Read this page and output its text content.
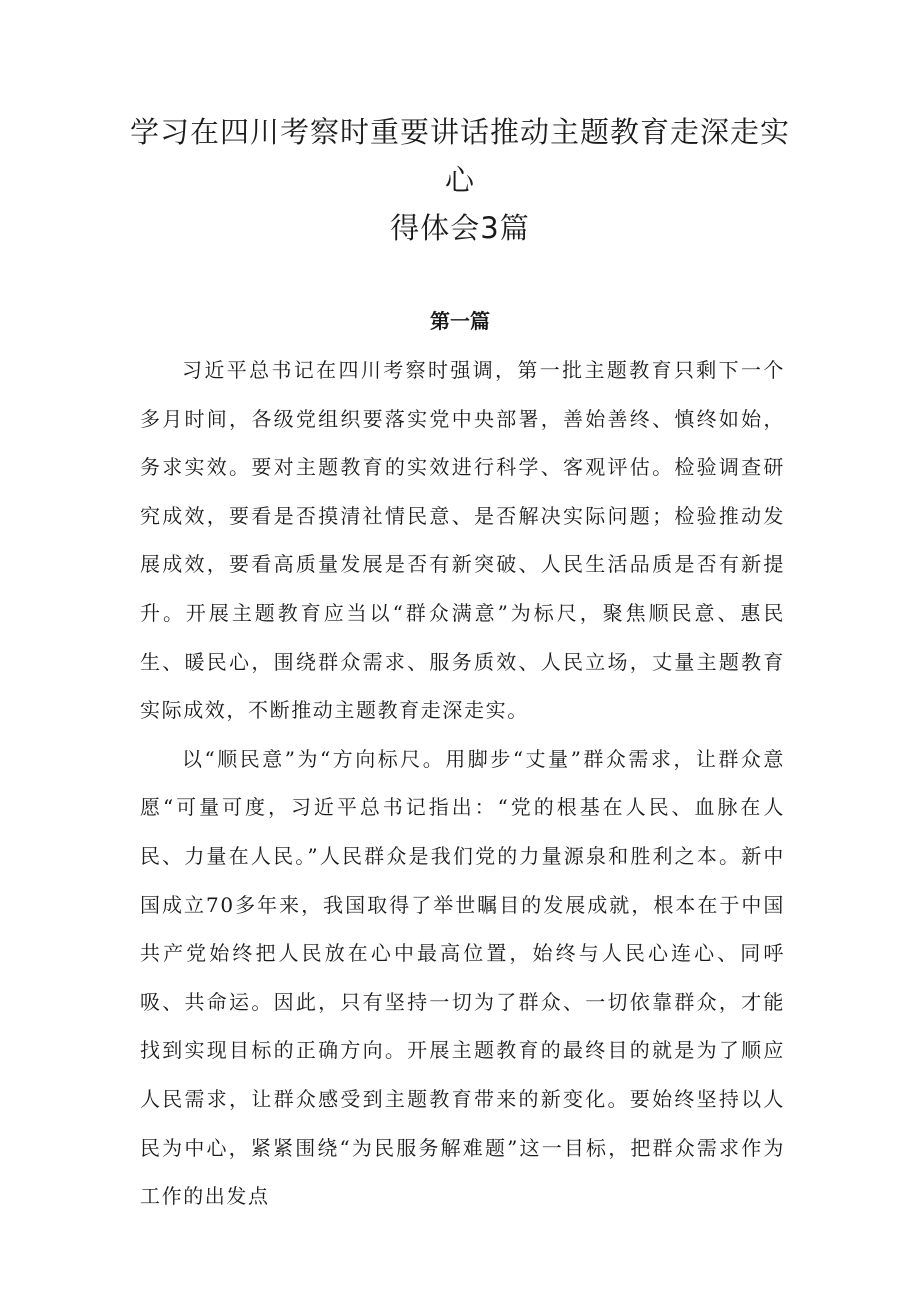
学习在四川考察时重要讲话推动主题教育走深走实心
得体会3篇
第一篇

习近平总书记在四川考察时强调，第一批主题教育只剩下一个多月时间，各级党组织要落实党中央部署，善始善终、慎终如始，务求实效。要对主题教育的实效进行科学、客观评估。检验调查研究成效，要看是否摸清社情民意、是否解决实际问题；检验推动发展成效，要看高质量发展是否有新突破、人民生活品质是否有新提升。开展主题教育应当以“群众满意”为标尺，聚焦顺民意、惠民生、暖民心，围绕群众需求、服务质效、人民立场，丈量主题教育实际成效，不断推动主题教育走深走实。

以“顺民意”为“方向标尺。用脚步“丈量”群众需求，让群众意愿“可量可度，习近平总书记指出：“党的根基在人民、血脉在人民、力量在人民。”人民群众是我们党的力量源泉和胜利之本。新中国成立70多年来，我国取得了举世瞩目的发展成就，根本在于中国共产党始终把人民放在心中最高位置，始终与人民心连心、同呼吸、共命运。因此，只有坚持一切为了群众、一切依靠群众，才能找到实现目标的正确方向。开展主题教育的最终目的就是为了顺应人民需求，让群众感受到主题教育带来的新变化。要始终坚持以人民为中心，紧紧围绕“为民服务解难题”这一目标，把群众需求作为工作的出发点
